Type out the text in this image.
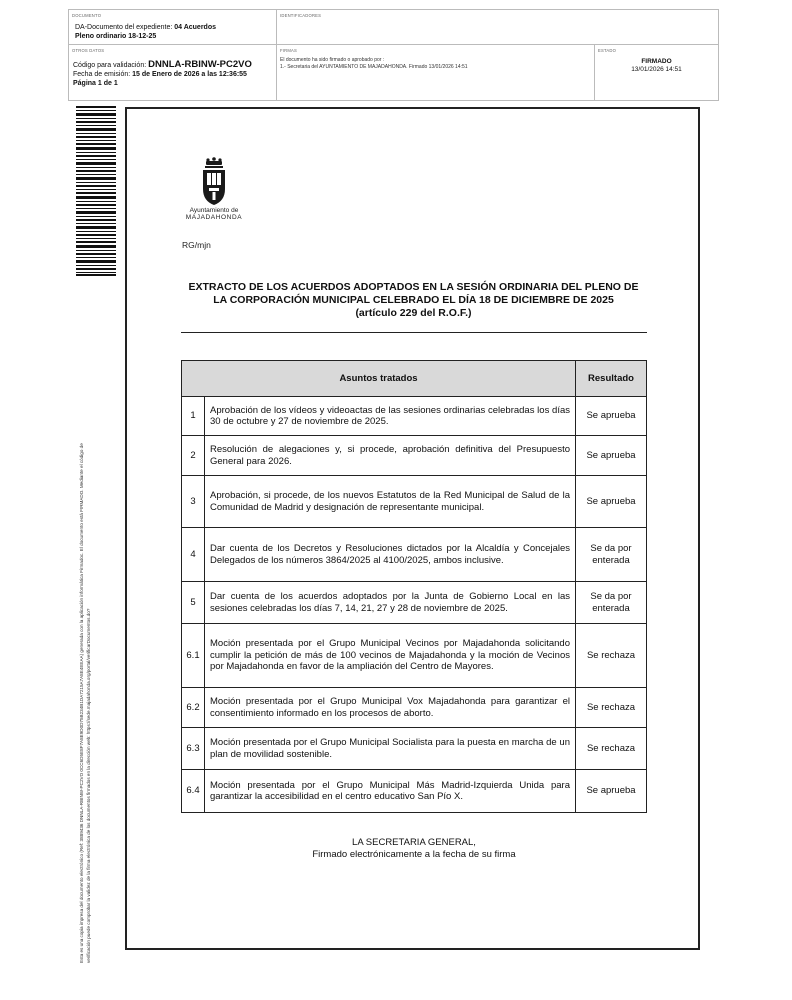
DOCUMENTO
DA-Documento del expediente: 04 Acuerdos
Pleno ordinario 18-12-25
IDENTIFICADORES
OTROS DATOS
Código para validación: DNNLA-RBINW-PC2VO
Fecha de emisión: 15 de Enero de 2026 a las 12:36:55
Página 1 de 1
FIRMAS
El documento ha sido firmado o aprobado por :
1.- Secretaria del AYUNTAMIENTO DE MAJADAHONDA. Firmado 13/01/2026 14:51
ESTADO
FIRMADO
13/01/2026 14:51
Esta es una copia impresa del documento electrónico (Ref: 3889436 DNNLA-RBINW-PC2VO 0CC6D5E8F7A8E9D0D75B234B1DA7215A7A8E4EEAA) generada con la aplicación informática Firmadoc. El documento está FIRMADO. Mediante el código de verificación puede comprobar la validez de la firma electrónica de los documentos firmados en la dirección web: https://sede.majadahonda.org/portal/verificarDocumentos.do?
Ayuntamiento de
MAJADAHONDA
RG/mjn
EXTRACTO DE LOS ACUERDOS ADOPTADOS EN LA SESIÓN ORDINARIA DEL PLENO DE
LA CORPORACIÓN MUNICIPAL CELEBRADO EL DÍA 18 DE DICIEMBRE DE 2025
(artículo 229 del R.O.F.)
Asuntos tratados		Resultado
1	Aprobación de los vídeos y videoactas de las sesiones ordinarias celebradas los días 30 de octubre y 27 de noviembre de 2025.	Se aprueba
2	Resolución de alegaciones y, si procede, aprobación definitiva del Presupuesto General para 2026.	Se aprueba
3	Aprobación, si procede, de los nuevos Estatutos de la Red Municipal de Salud de la Comunidad de Madrid y designación de representante municipal.	Se aprueba
4	Dar cuenta de los Decretos y Resoluciones dictados por la Alcaldía y Concejales Delegados de los números 3864/2025 al 4100/2025, ambos inclusive.	Se da por enterada
5	Dar cuenta de los acuerdos adoptados por la Junta de Gobierno Local en las sesiones celebradas los días 7, 14, 21, 27 y 28 de noviembre de 2025.	Se da por enterada
6.1	Moción presentada por el Grupo Municipal Vecinos por Majadahonda solicitando cumplir la petición de más de 100 vecinos de Majadahonda y la moción de Vecinos por Majadahonda en favor de la ampliación del Centro de Mayores.	Se rechaza
6.2	Moción presentada por el Grupo Municipal Vox Majadahonda para garantizar el consentimiento informado en los procesos de aborto.	Se rechaza
6.3	Moción presentada por el Grupo Municipal Socialista para la puesta en marcha de un plan de movilidad sostenible.	Se rechaza
6.4	Moción presentada por el Grupo Municipal Más Madrid-Izquierda Unida para garantizar la accesibilidad en el centro educativo San Pío X.	Se aprueba
LA SECRETARIA GENERAL,
Firmado electrónicamente a la fecha de su firma
